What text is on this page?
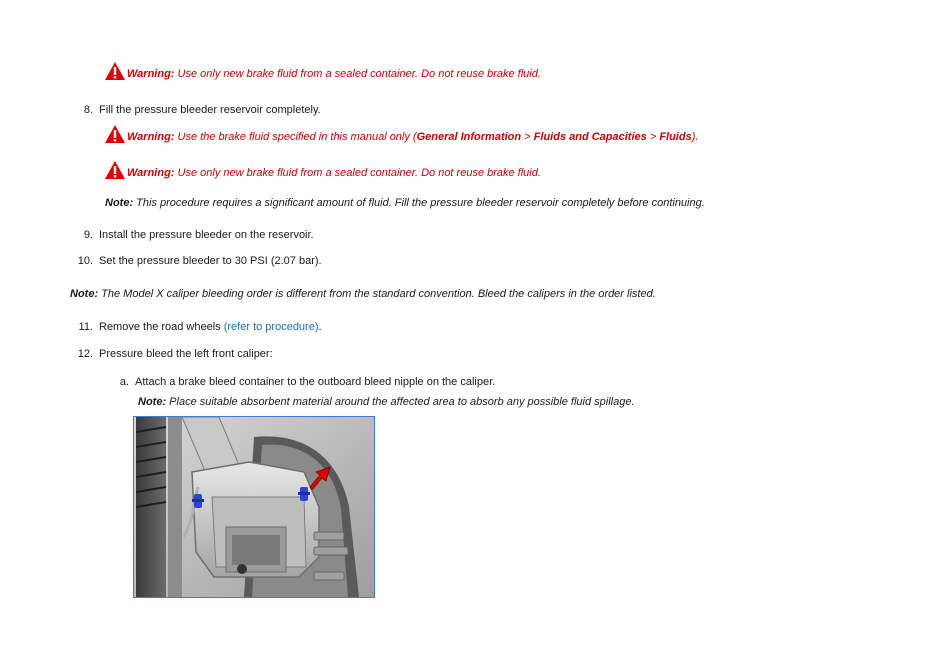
Warning: Use only new brake fluid from a sealed container. Do not reuse brake fluid.
8. Fill the pressure bleeder reservoir completely.
Warning: Use the brake fluid specified in this manual only (General Information > Fluids and Capacities > Fluids).
Warning: Use only new brake fluid from a sealed container. Do not reuse brake fluid.
Note: This procedure requires a significant amount of fluid. Fill the pressure bleeder reservoir completely before continuing.
9. Install the pressure bleeder on the reservoir.
10. Set the pressure bleeder to 30 PSI (2.07 bar).
Note: The Model X caliper bleeding order is different from the standard convention. Bleed the calipers in the order listed.
11. Remove the road wheels (refer to procedure).
12. Pressure bleed the left front caliper:
a. Attach a brake bleed container to the outboard bleed nipple on the caliper.
Note: Place suitable absorbent material around the affected area to absorb any possible fluid spillage.
